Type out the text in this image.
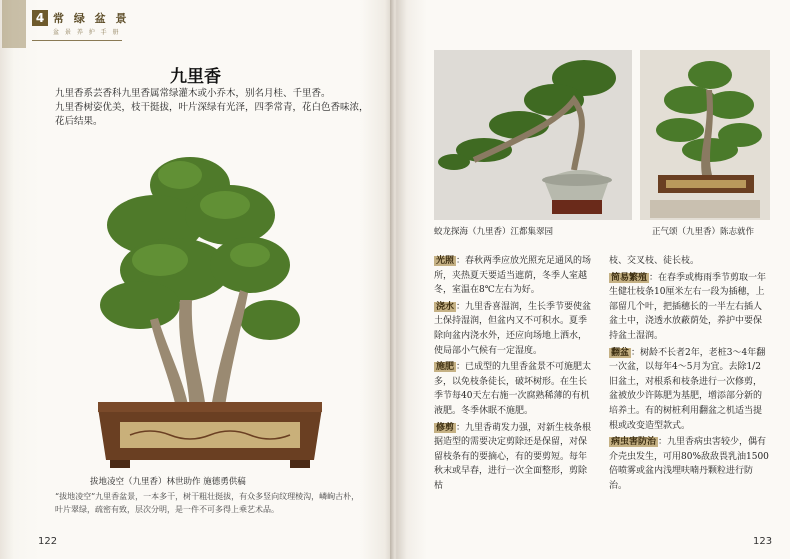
4 常 绿 盆 景
盆 景 养 护 手 册
九里香

九里香系芸香科九里香属常绿灌木或小乔木，别名月桂、千里香。

九里香树姿优美，枝干挺拔，叶片深绿有光泽，四季常青，花白色香味浓，花后结果。

拔地凌空（九里香）林世助作 施德勇供稿
“拔地凌空”九里香盆景，一本多干，树干粗壮挺拔，有众多竖向纹理棱沟，嶙峋古朴，叶片翠绿，疏密有致，层次分明，是一件不可多得上乘艺术品。
122
蛟龙探海（九里香）江都集翠园	正气颂（九里香）陈志就作

光照 ：春秋两季应放光照充足通风的场所，夹热夏天要适当遮荫，冬季人室越冬，室温在8℃左右为好。

浇水 ：九里香喜湿润，生长季节要使盆土保持湿润，但盆内又不可积水。夏季除向盆内浇水外，还应向场地上洒水，使局部小气候有一定湿度。

施肥 ：已成型的九里香盆景不可施肥太多，以免枝条徒长，破坏树形。在生长季节每40天左右施一次腐熟稀薄的有机液肥。冬季休眠不施肥。

修剪 ：九里香萌发力强，对新生枝条根据造型的需要决定剪除还是保留，对保留枝条有的要摘心，有的要剪短。每年秋末或早春，进行一次全面整形，剪除枯

枝、交叉枝、徒长枝。

简易繁殖 ：在春季或梅雨季节剪取一年生健壮枝条10厘米左右一段为插穗，上部留几个叶，把插穗长的一半左右插人盆土中，浇透水放蔽荫处，养护中要保持盆土湿润。

翻盆 ：树龄不长者2年，老桩3～4年翻一次盆，以每年4～5月为宜。去除1/2旧盆土，对根系和枝条进行一次修剪，盆被放少许陈肥为基肥，增添部分新的培养土。有的树桩利用翻盆之机适当提根或改变造型款式。

病虫害防治 ：九里香病虫害较少，偶有介壳虫发生，可用80%敌敌畏乳油1500倍喷雾或盆内浅埋呋喃丹颗粒进行防治。

123
